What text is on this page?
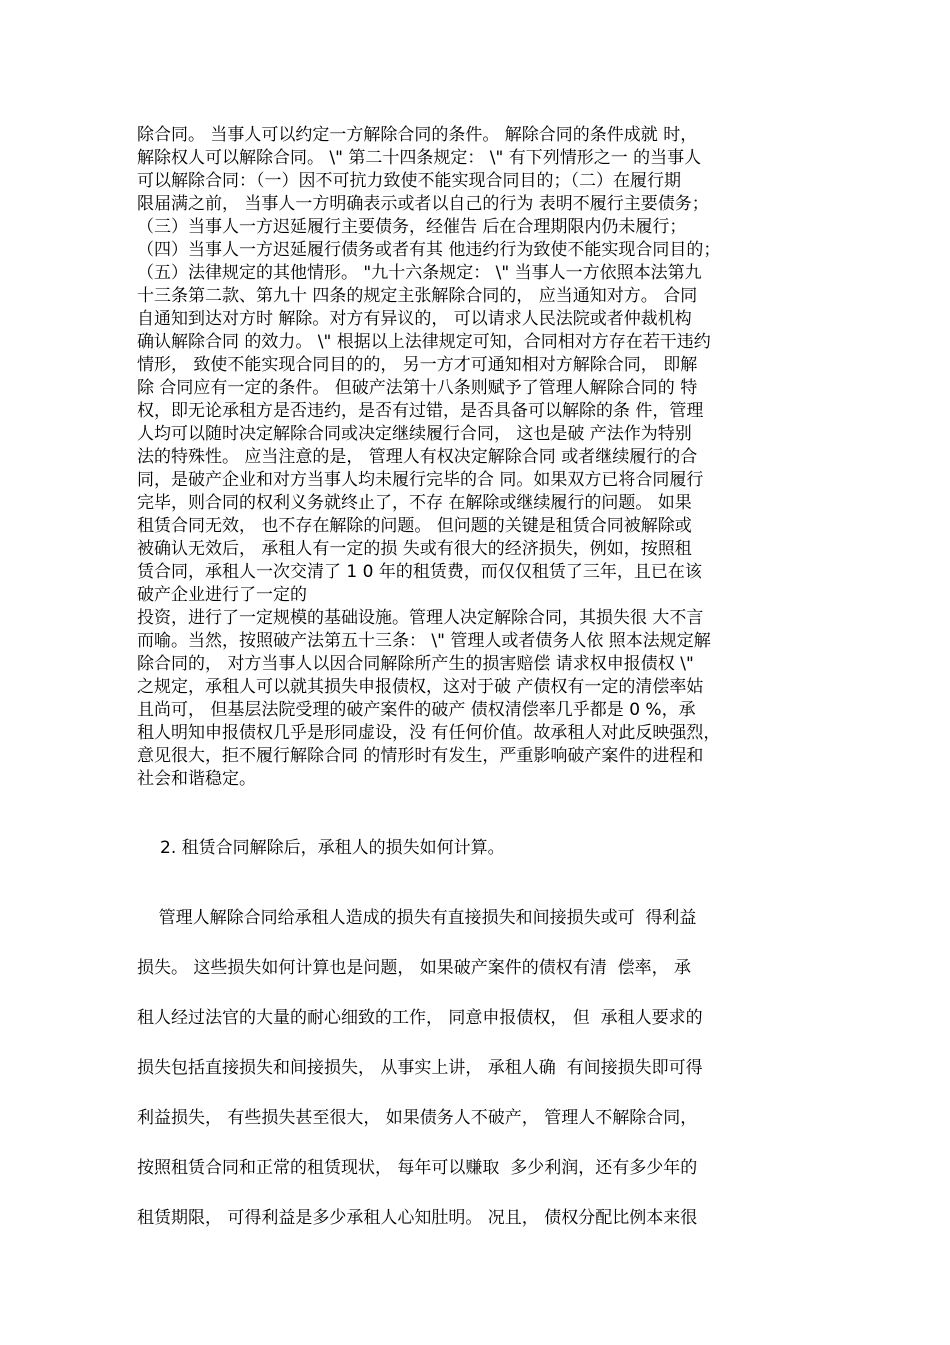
除合同。 当事人可以约定一方解除合同的条件。 解除合同的条件成就 时，
解除权人可以解除合同。 \" 第二十四条规定： \" 有下列情形之一 的当事人
可以解除合同：（一）因不可抗力致使不能实现合同目的；（二）在履行期
限届满之前， 当事人一方明确表示或者以自己的行为 表明不履行主要债务；
（三）当事人一方迟延履行主要债务，经催告 后在合理期限内仍未履行；
（四）当事人一方迟延履行债务或者有其 他违约行为致使不能实现合同目的；
（五）法律规定的其他情形。 "九十六条规定： \" 当事人一方依照本法第九
十三条第二款、第九十 四条的规定主张解除合同的， 应当通知对方。 合同
自通知到达对方时 解除。对方有异议的， 可以请求人民法院或者仲裁机构
确认解除合同 的效力。 \" 根据以上法律规定可知，合同相对方存在若干违约
情形， 致使不能实现合同目的的， 另一方才可通知相对方解除合同， 即解
除 合同应有一定的条件。 但破产法第十八条则赋予了管理人解除合同的 特
权，即无论承租方是否违约，是否有过错，是否具备可以解除的条 件，管理
人均可以随时决定解除合同或决定继续履行合同， 这也是破 产法作为特别
法的特殊性。 应当注意的是， 管理人有权决定解除合同 或者继续履行的合
同，是破产企业和对方当事人均未履行完毕的合 同。如果双方已将合同履行
完毕，则合同的权利义务就终止了，不存 在解除或继续履行的问题。 如果
租赁合同无效， 也不存在解除的问题。 但问题的关键是租赁合同被解除或
被确认无效后， 承租人有一定的损 失或有很大的经济损失，例如，按照租
赁合同，承租人一次交清了 1 0 年的租赁费，而仅仅租赁了三年，且已在该
破产企业进行了一定的
投资，进行了一定规模的基础设施。管理人决定解除合同，其损失很 大不言
而喻。当然，按照破产法第五十三条： \" 管理人或者债务人依 照本法规定解
除合同的， 对方当事人以因合同解除所产生的损害赔偿 请求权申报债权 \"
之规定，承租人可以就其损失申报债权，这对于破 产债权有一定的清偿率姑
且尚可， 但基层法院受理的破产案件的破产 债权清偿率几乎都是 0 %，承
租人明知申报债权几乎是形同虚设，没 有任何价值。故承租人对此反映强烈，
意见很大，拒不履行解除合同 的情形时有发生，严重影响破产案件的进程和
社会和谐稳定。
2. 租赁合同解除后，承租人的损失如何计算。
管理人解除合同给承租人造成的损失有直接损失和间接损失或可  得利益
损失。 这些损失如何计算也是问题， 如果破产案件的债权有清  偿率， 承
租人经过法官的大量的耐心细致的工作， 同意申报债权， 但  承租人要求的
损失包括直接损失和间接损失， 从事实上讲， 承租人确  有间接损失即可得
利益损失， 有些损失甚至很大， 如果债务人不破产， 管理人不解除合同，
按照租赁合同和正常的租赁现状， 每年可以赚取  多少利润，还有多少年的
租赁期限， 可得利益是多少承租人心知肚明。 况且， 债权分配比例本来很
